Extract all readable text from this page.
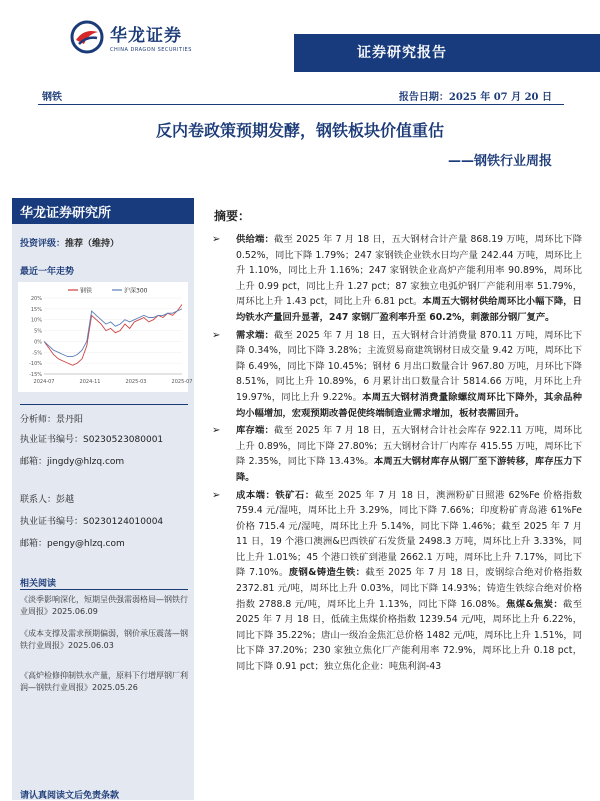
华龙证券
CHINA DRAGON SECURITIES	证券研究报告
钢铁	报告日期：2025 年 07 月 20 日
反内卷政策预期发酵，钢铁板块价值重估
——钢铁行业周报
华龙证券研究所
投资评级：推荐（维持）
最近一年走势
20%
15%
10%
5%
0%
-5%
-10%
-15%
2024-07	2024-11	2025-03	2025-07
钢铁	沪深300
分析师：景丹阳
执业证书编号：S0230523080001
邮箱：jingdy@hlzq.com
联系人：彭越
执业证书编号：S0230124010004
邮箱：pengy@hlzq.com
相关阅读
《淡季影响深化，短期呈供强需弱格局—钢铁行业周报》2025.06.09
《成本支撑及需求预期偏弱，钢价承压震荡—钢铁行业周报》2025.06.03
《高炉检修抑制铁水产量，原料下行增厚钢厂利润—钢铁行业周报》2025.05.26
请认真阅读文后免责条款
摘要：
➢ 供给端：截至 2025 年 7 月 18 日，五大钢材合计产量 868.19 万吨，周环比下降 0.52%，同比下降 1.79%；247 家钢铁企业铁水日均产量 242.44 万吨，周环比上升 1.10%，同比上升 1.16%；247 家钢铁企业高炉产能利用率 90.89%，周环比上升 0.99 pct，同比上升 1.27 pct；87 家独立电弧炉钢厂产能利用率 51.79%，周环比上升 1.43 pct，同比上升 6.81 pct。本周五大钢材供给周环比小幅下降，日均铁水产量回升显著，247 家钢厂盈利率升至 60.2%，刺激部分钢厂复产。
➢ 需求端：截至 2025 年 7 月 18 日，五大钢材合计消费量 870.11 万吨，周环比下降 0.34%，同比下降 3.28%；主流贸易商建筑钢材日成交量 9.42 万吨，周环比下降 6.49%，同比下降 10.45%；钢材 6 月出口数量合计 967.80 万吨，月环比下降 8.51%，同比上升 10.89%，6 月累计出口数量合计 5814.66 万吨，月环比上升 19.97%，同比上升 9.22%。本周五大钢材消费量除螺纹周环比下降外，其余品种均小幅增加，宏观预期改善促使终端制造业需求增加，板材表需回升。
➢ 库存端：截至 2025 年 7 月 18 日，五大钢材合计社会库存 922.11 万吨，周环比上升 0.89%，同比下降 27.80%；五大钢材合计厂内库存 415.55 万吨，周环比下降 2.35%，同比下降 13.43%。本周五大钢材库存从钢厂至下游转移，库存压力下降。
➢ 成本端：铁矿石：截至 2025 年 7 月 18 日，澳洲粉矿日照港 62%Fe 价格指数 759.4 元/湿吨，周环比上升 3.29%，同比下降 7.66%；印度粉矿青岛港 61%Fe 价格 715.4 元/湿吨，周环比上升 5.14%，同比下降 1.46%；截至 2025 年 7 月 11 日，19 个港口澳洲&巴西铁矿石发货量 2498.3 万吨，周环比上升 3.33%，同比上升 1.01%；45 个港口铁矿到港量 2662.1 万吨，周环比上升 7.17%，同比下降 7.10%。废钢&铸造生铁：截至 2025 年 7 月 18 日，废钢综合绝对价格指数 2372.81 元/吨，周环比上升 0.03%，同比下降 14.93%；铸造生铁综合绝对价格指数 2788.8 元/吨，周环比上升 1.13%，同比下降 16.08%。焦煤&焦炭：截至 2025 年 7 月 18 日，低硫主焦煤价格指数 1239.54 元/吨，周环比上升 6.22%，同比下降 35.22%；唐山一级冶金焦汇总价格 1482 元/吨，周环比上升 1.51%，同比下降 37.20%；230 家独立焦化厂产能利用率 72.9%，周环比上升 0.18 pct，同比下降 0.91 pct；独立焦化企业：吨焦利润-43
